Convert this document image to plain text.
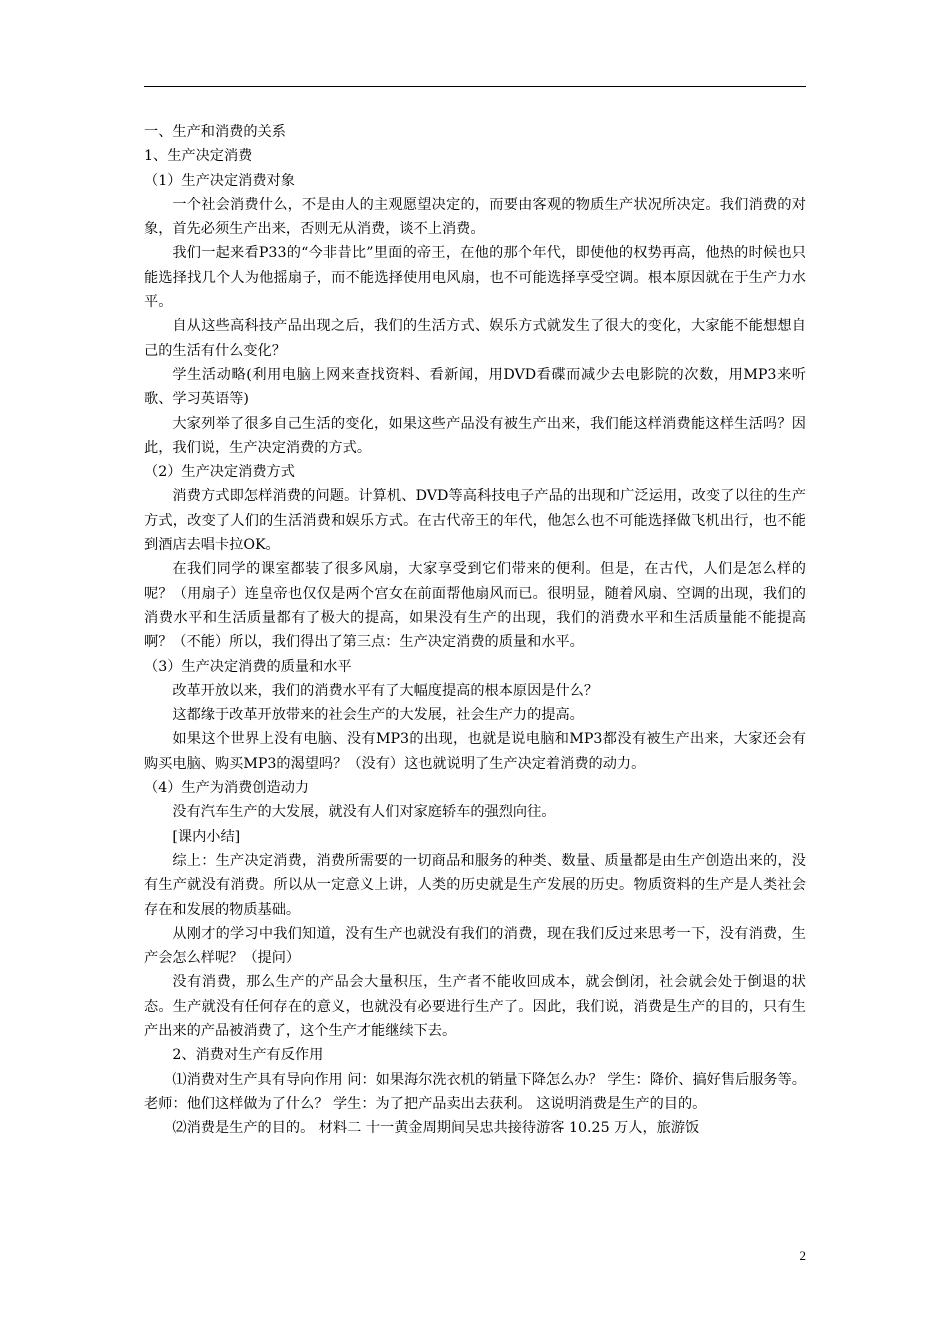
一、生产和消费的关系

1、生产决定消费

（1）生产决定消费对象

一个社会消费什么，不是由人的主观愿望决定的，而要由客观的物质生产状况所决定。我们消费的对象，首先必须生产出来，否则无从消费，谈不上消费。

我们一起来看P33的“今非昔比”里面的帝王，在他的那个年代，即使他的权势再高，他热的时候也只能选择找几个人为他摇扇子，而不能选择使用电风扇，也不可能选择享受空调。根本原因就在于生产力水平。

自从这些高科技产品出现之后，我们的生活方式、娱乐方式就发生了很大的变化，大家能不能想想自己的生活有什么变化？

学生活动略(利用电脑上网来查找资料、看新闻，用DVD看碟而减少去电影院的次数，用MP3来听歌、学习英语等)

大家列举了很多自己生活的变化，如果这些产品没有被生产出来，我们能这样消费能这样生活吗？因此，我们说，生产决定消费的方式。

（2）生产决定消费方式

消费方式即怎样消费的问题。计算机、DVD等高科技电子产品的出现和广泛运用，改变了以往的生产方式，改变了人们的生活消费和娱乐方式。在古代帝王的年代，他怎么也不可能选择做飞机出行，也不能到酒店去唱卡拉OK。

在我们同学的课室都装了很多风扇，大家享受到它们带来的便利。但是，在古代，人们是怎么样的呢？（用扇子）连皇帝也仅仅是两个宫女在前面帮他扇风而已。很明显，随着风扇、空调的出现，我们的消费水平和生活质量都有了极大的提高，如果没有生产的出现，我们的消费水平和生活质量能不能提高啊？（不能）所以，我们得出了第三点：生产决定消费的质量和水平。

（3）生产决定消费的质量和水平

改革开放以来，我们的消费水平有了大幅度提高的根本原因是什么？

这都缘于改革开放带来的社会生产的大发展，社会生产力的提高。

如果这个世界上没有电脑、没有MP3的出现，也就是说电脑和MP3都没有被生产出来，大家还会有购买电脑、购买MP3的渴望吗？（没有）这也就说明了生产决定着消费的动力。

（4）生产为消费创造动力

没有汽车生产的大发展，就没有人们对家庭轿车的强烈向往。

[课内小结]

综上：生产决定消费，消费所需要的一切商品和服务的种类、数量、质量都是由生产创造出来的，没有生产就没有消费。所以从一定意义上讲，人类的历史就是生产发展的历史。物质资料的生产是人类社会存在和发展的物质基础。

从刚才的学习中我们知道，没有生产也就没有我们的消费，现在我们反过来思考一下，没有消费，生产会怎么样呢？（提问）

没有消费，那么生产的产品会大量积压，生产者不能收回成本，就会倒闭，社会就会处于倒退的状态。生产就没有任何存在的意义，也就没有必要进行生产了。因此，我们说，消费是生产的目的，只有生产出来的产品被消费了，这个生产才能继续下去。

2、消费对生产有反作用

⑴消费对生产具有导向作用 问：如果海尔洗衣机的销量下降怎么办？ 学生：降价、搞好售后服务等。 老师：他们这样做为了什么？ 学生：为了把产品卖出去获利。 这说明消费是生产的目的。

⑵消费是生产的目的。 材料二 十一黄金周期间吴忠共接待游客 10.25 万人，旅游饭

2
